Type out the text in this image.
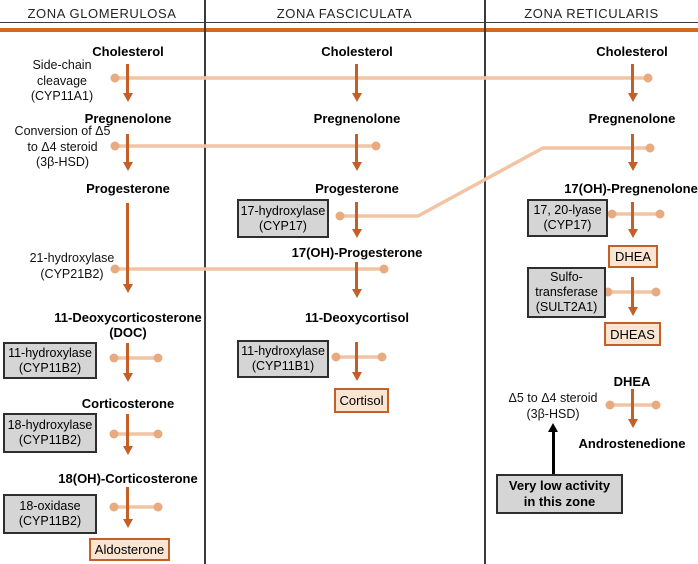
ZONA GLOMERULOSA	ZONA FASCICULATA	ZONA RETICULARIS
Cholesterol
Side-chain
cleavage
(CYP11A1)
Pregnenolone
Conversion of Δ5
to Δ4 steroid
(3β-HSD)
Progesterone
21-hydroxylase
(CYP21B2)
11-Deoxycorticosterone
(DOC)
11-hydroxylase
(CYP11B2)
Corticosterone
18-hydroxylase
(CYP11B2)
18(OH)-Corticosterone
18-oxidase
(CYP11B2)
Aldosterone
Cholesterol
Pregnenolone
Progesterone
17-hydroxylase
(CYP17)
17(OH)-Progesterone
11-Deoxycortisol
11-hydroxylase
(CYP11B1)
Cortisol
Cholesterol
Pregnenolone
17(OH)-Pregnenolone
17, 20-lyase
(CYP17)
DHEA
Sulfo-
transferase
(SULT2A1)
DHEAS
DHEA
Δ5 to Δ4 steroid
(3β-HSD)
Androstenedione
Very low activity
in this zone
